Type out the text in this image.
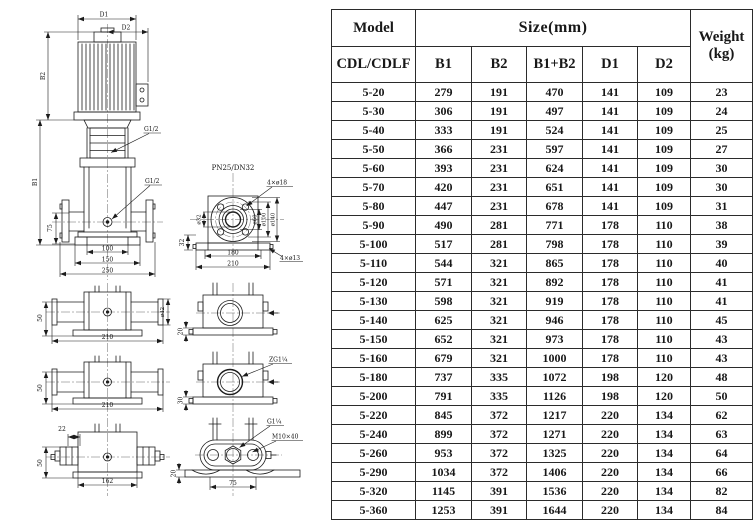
D1
D2
B2
B1
75
G1/2
G1/2
100
150
250
PN25/DN32
4×ø18
4×ø13
ø32	ø60 ø100 ø140
32
180
210
50
ø42
210
50
210
22
50
162
20
ZG1¼
30
G1¼
M10×40
20
75
Model	Size(mm)					Weight
(kg)

CDL/CDLF	B1	B2	B1+B2	D1	D2	
5-20	279	191	470	141	109	23
5-30	306	191	497	141	109	24
5-40	333	191	524	141	109	25
5-50	366	231	597	141	109	27
5-60	393	231	624	141	109	30
5-70	420	231	651	141	109	30
5-80	447	231	678	141	109	31
5-90	490	281	771	178	110	38
5-100	517	281	798	178	110	39
5-110	544	321	865	178	110	40
5-120	571	321	892	178	110	41
5-130	598	321	919	178	110	41
5-140	625	321	946	178	110	45
5-150	652	321	973	178	110	43
5-160	679	321	1000	178	110	43
5-180	737	335	1072	198	120	48
5-200	791	335	1126	198	120	50
5-220	845	372	1217	220	134	62
5-240	899	372	1271	220	134	63
5-260	953	372	1325	220	134	64
5-290	1034	372	1406	220	134	66
5-320	1145	391	1536	220	134	82
5-360	1253	391	1644	220	134	84
